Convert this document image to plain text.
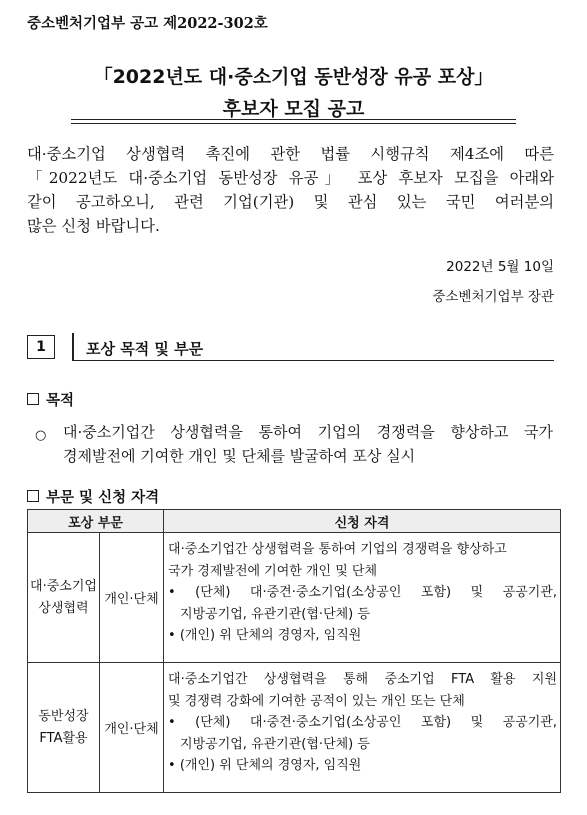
중소벤처기업부 공고 제2022-302호
「2022년도 대·중소기업 동반성장 유공 포상」
후보자 모집 공고
대·중소기업 상생협력 촉진에 관한 법률 시행규칙 제4조에 따른
「2022년도 대·중소기업 동반성장 유공」 포상 후보자 모집을 아래와
같이 공고하오니, 관련 기업(기관) 및 관심 있는 국민 여러분의
많은 신청 바랍니다.
2022년 5월 10일
중소벤처기업부 장관
1	포상 목적 및 부문
목적
○ 대·중소기업간 상생협력을 통하여 기업의 경쟁력을 향상하고 국가
경제발전에 기여한 개인 및 단체를 발굴하여 포상 실시
부문 및 신청 자격
포상 부문		신청 자격

대·중소기업
상생협력	개인·단체	대·중소기업간 상생협력을 통하여 기업의 경쟁력을 향상하고
국가 경제발전에 기여한 개인 및 단체
• (단체) 대·중견·중소기업(소상공인 포함) 및 공공기관,
지방공기업, 유관기관(협·단체) 등
• (개인) 위 단체의 경영자, 임직원

동반성장
FTA활용	개인·단체	대·중소기업간 상생협력을 통해 중소기업 FTA 활용 지원
및 경쟁력 강화에 기여한 공적이 있는 개인 또는 단체
• (단체) 대·중견·중소기업(소상공인 포함) 및 공공기관,
지방공기업, 유관기관(협·단체) 등
• (개인) 위 단체의 경영자, 임직원
